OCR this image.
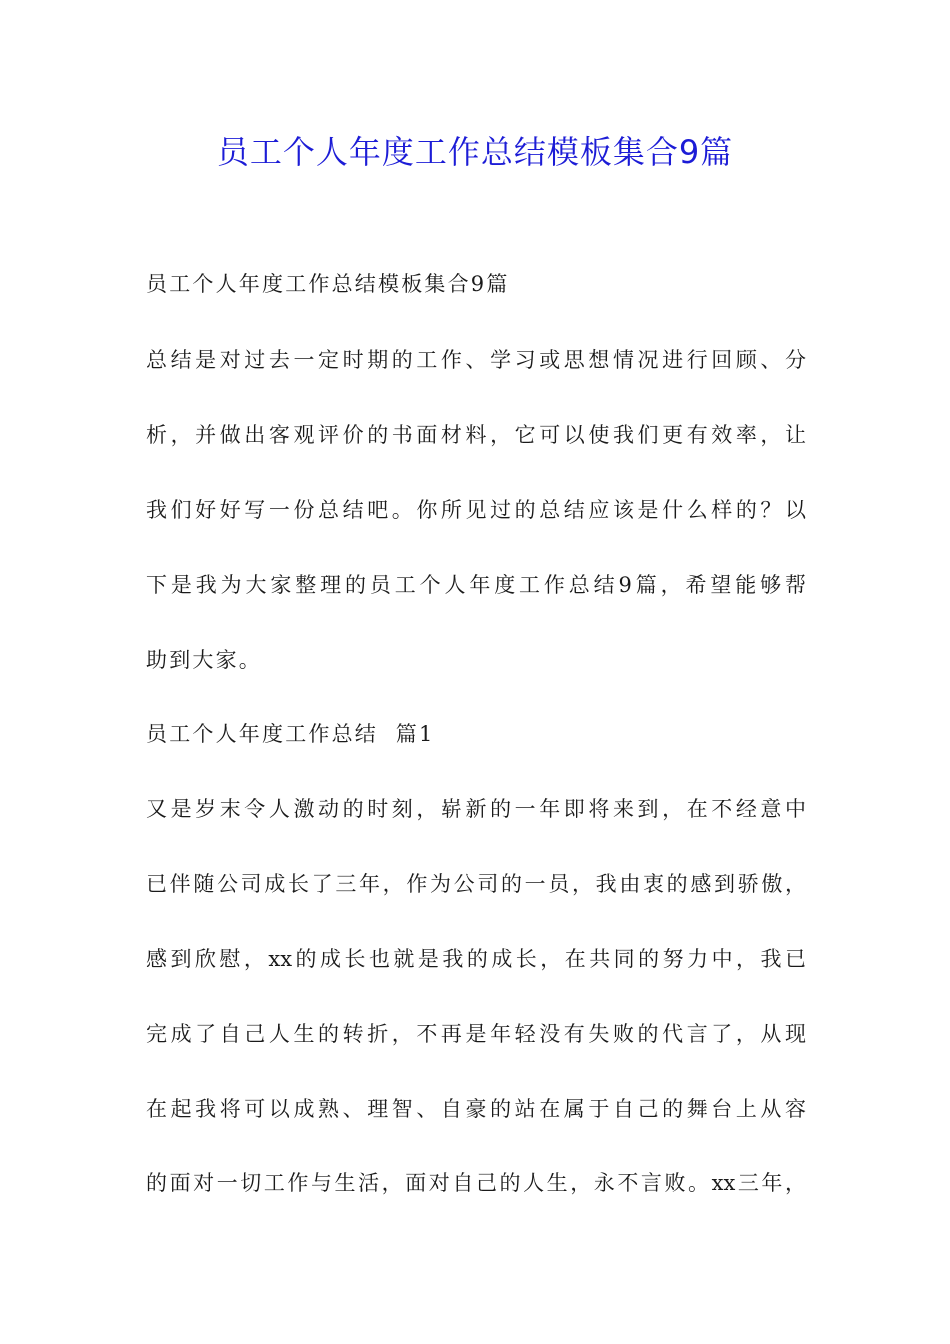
员工个人年度工作总结模板集合9篇
员工个人年度工作总结模板集合9篇
总结是对过去一定时期的工作、学习或思想情况进行回顾、分
析，并做出客观评价的书面材料，它可以使我们更有效率，让
我们好好写一份总结吧。你所见过的总结应该是什么样的？以
下是我为大家整理的员工个人年度工作总结9篇，希望能够帮
助到大家。
员工个人年度工作总结  篇1
又是岁末令人激动的时刻，崭新的一年即将来到，在不经意中
已伴随公司成长了三年，作为公司的一员，我由衷的感到骄傲，
感到欣慰，xx的成长也就是我的成长，在共同的努力中，我已
完成了自己人生的转折，不再是年轻没有失败的代言了，从现
在起我将可以成熟、理智、自豪的站在属于自己的舞台上从容
的面对一切工作与生活，面对自己的人生，永不言败。xx三年，
